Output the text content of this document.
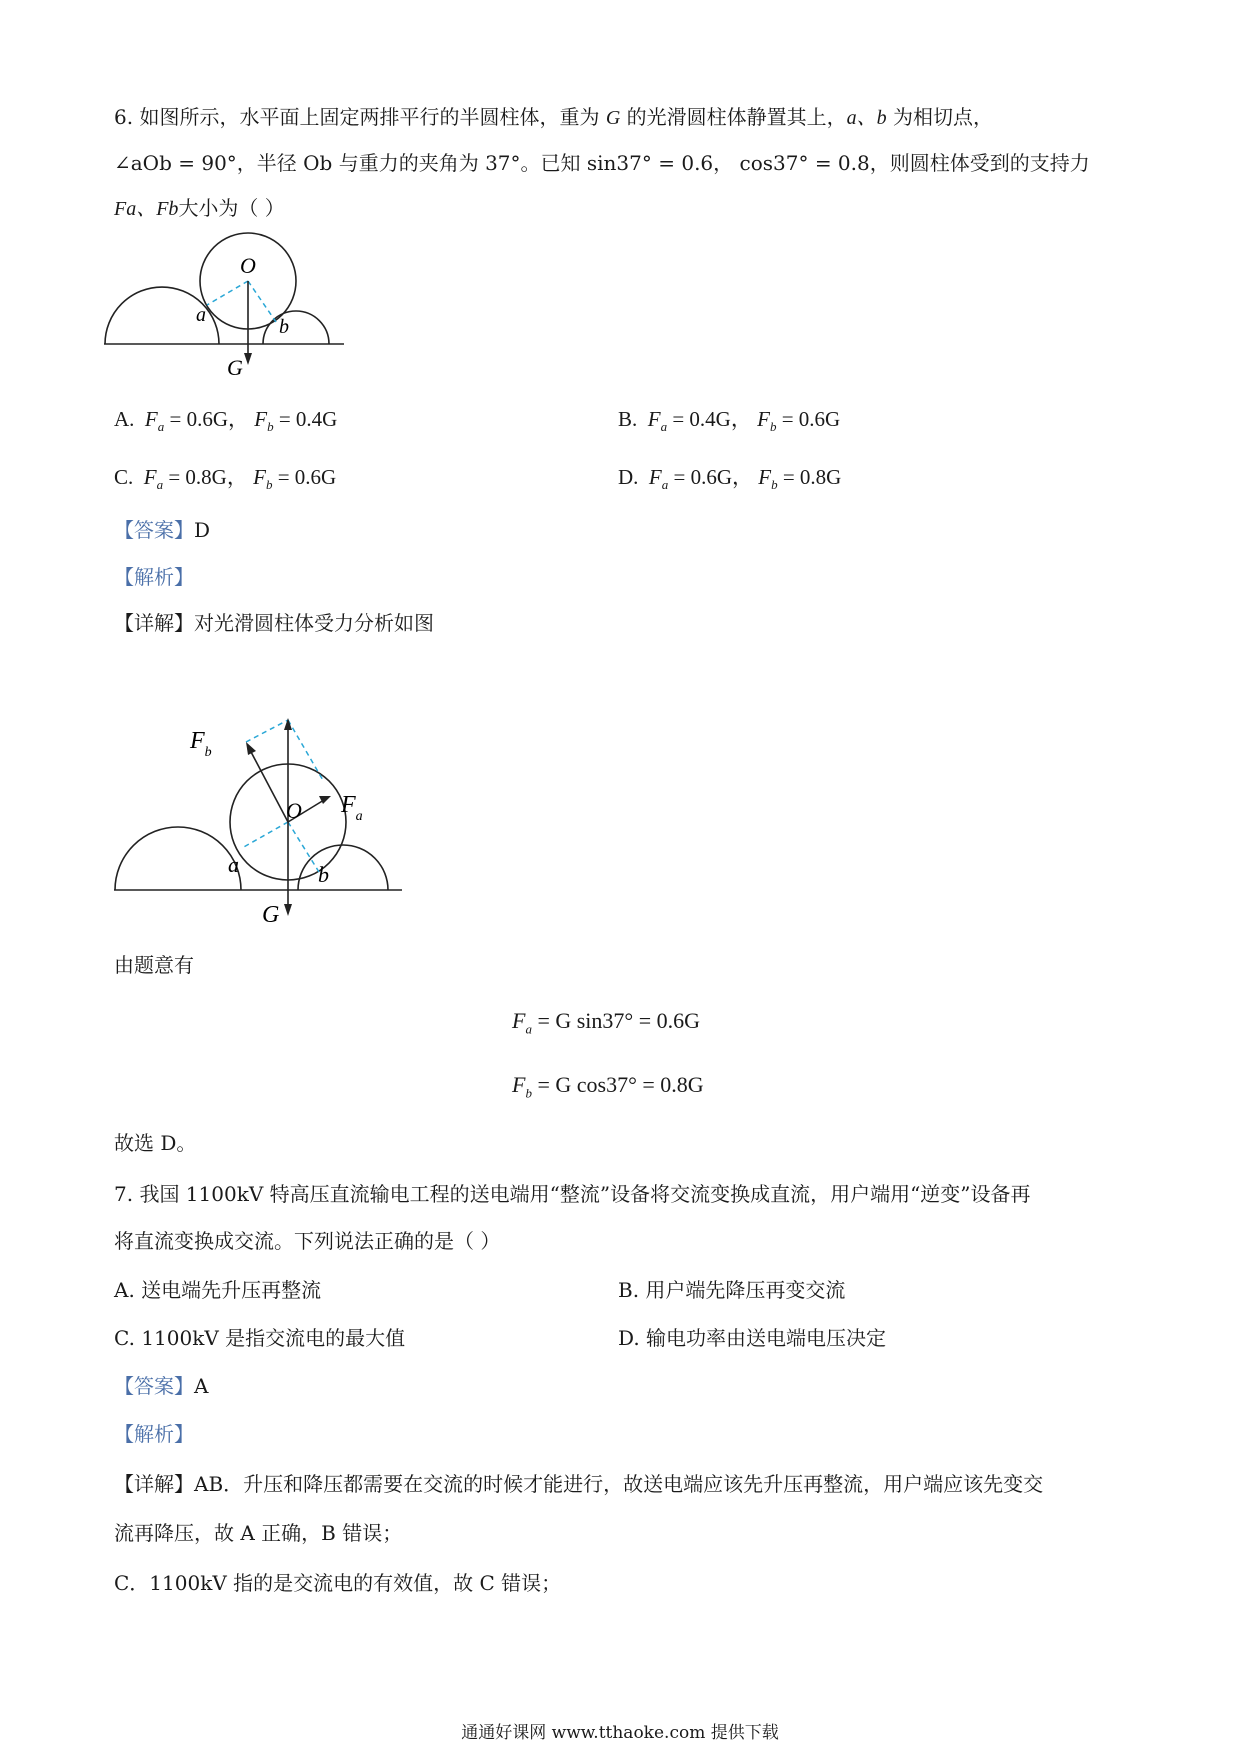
6. 如图所示，水平面上固定两排平行的半圆柱体，重为 G 的光滑圆柱体静置其上，a、b 为相切点，
∠aOb = 90°，半径 Ob 与重力的夹角为 37°。已知 sin37° = 0.6， cos37° = 0.8，则圆柱体受到的支持力
Fa、Fb大小为（ ）
O
a
b
G
A. $F_a = 0.6G$， $F_b = 0.4G$	B. $F_a = 0.4G$， $F_b = 0.6G$
C. $F_a = 0.8G$， $F_b = 0.6G$	D. $F_a = 0.6G$， $F_b = 0.8G$
【答案】D
【解析】
【详解】对光滑圆柱体受力分析如图
$F_b$
$F_a$
O
a	b
G
由题意有
$F_a = G$ sin37° = 0.6G
$F_b = G$ cos37° = 0.8G
故选 D。
7. 我国 1100kV 特高压直流输电工程的送电端用“整流”设备将交流变换成直流，用户端用“逆变”设备再
将直流变换成交流。下列说法正确的是（ ）
A. 送电端先升压再整流	B. 用户端先降压再变交流
C. 1100kV 是指交流电的最大值	D. 输电功率由送电端电压决定
【答案】A
【解析】
【详解】AB．升压和降压都需要在交流的时候才能进行，故送电端应该先升压再整流，用户端应该先变交
流再降压，故 A 正确，B 错误；
C．1100kV 指的是交流电的有效值，故 C 错误；
通通好课网 www.tthaoke.com 提供下载
